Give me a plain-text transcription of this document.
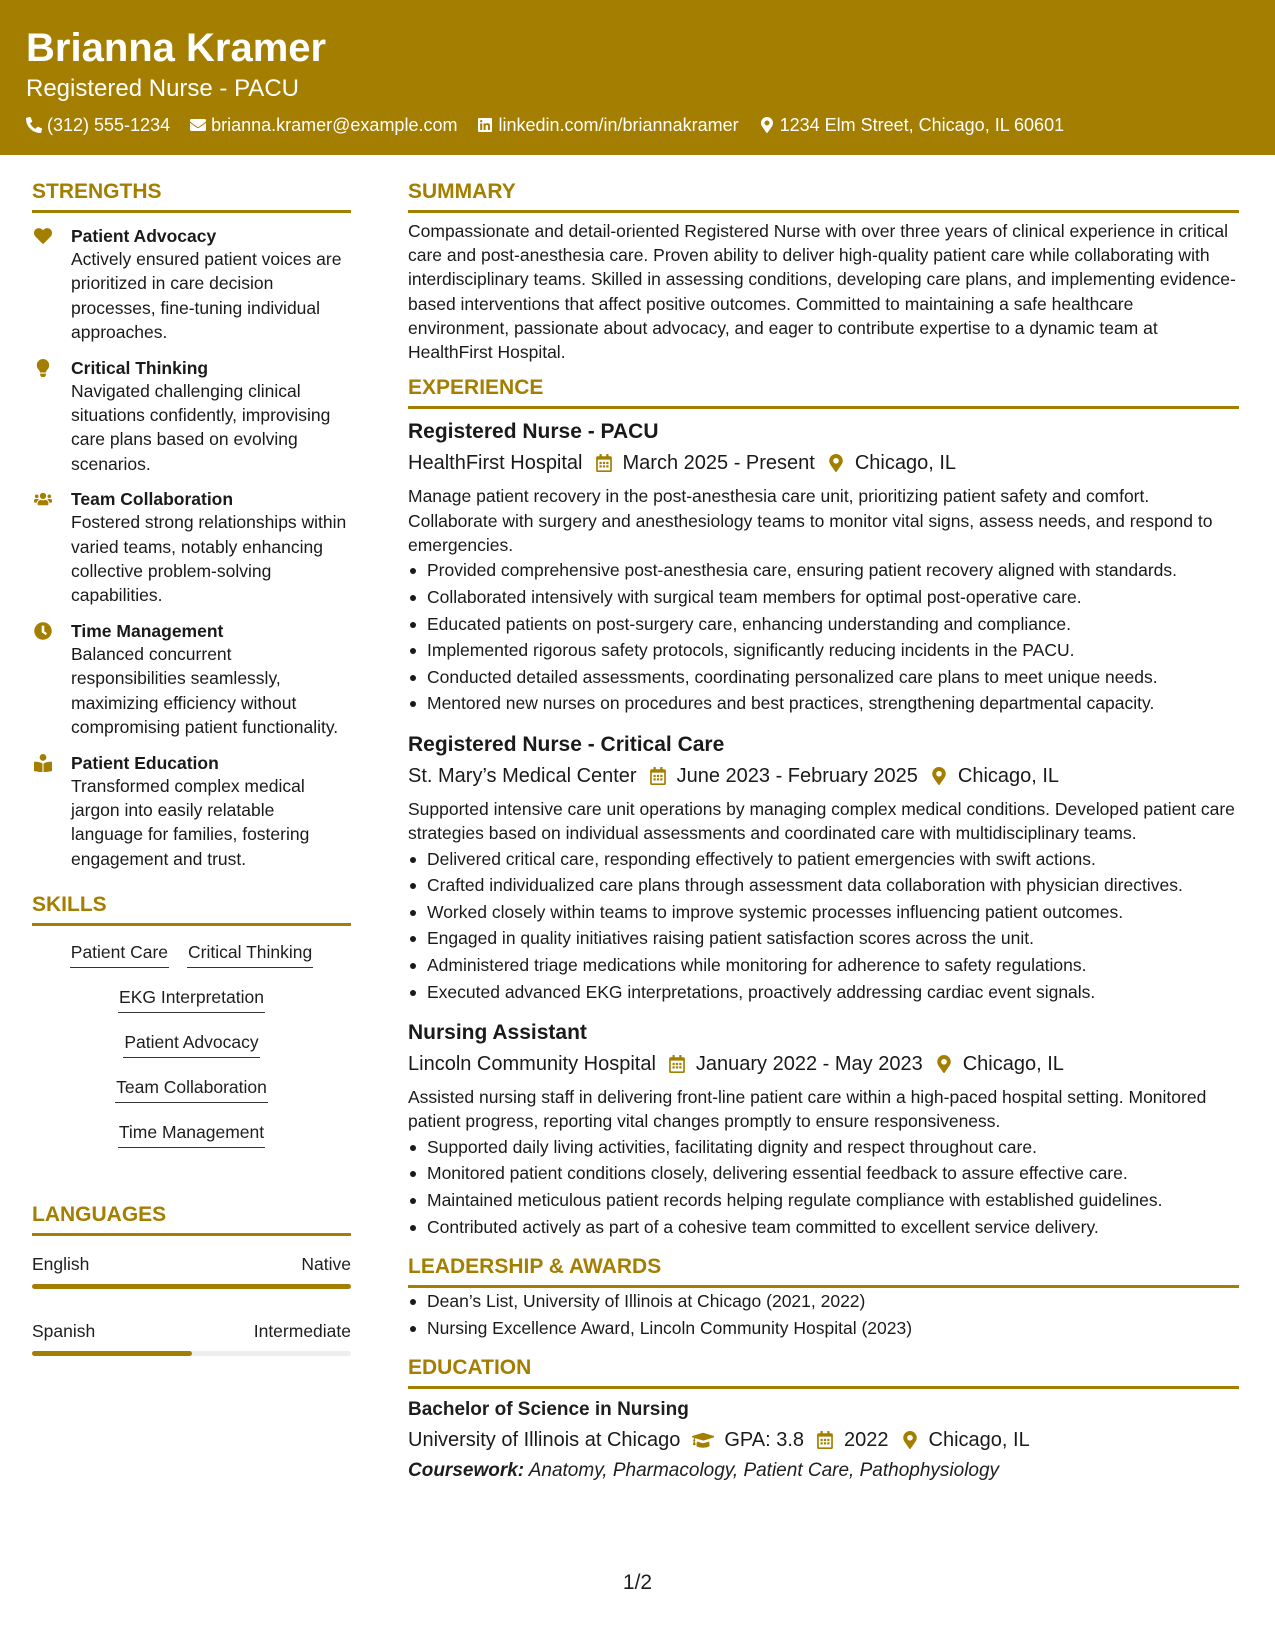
Brianna Kramer
Registered Nurse - PACU
(312) 555-1234 brianna.kramer@example.com linkedin.com/in/briannakramer 1234 Elm Street, Chicago, IL 60601
STRENGTHS
Patient Advocacy
Actively ensured patient voices are prioritized in care decision processes, fine-tuning individual approaches.
Critical Thinking
Navigated challenging clinical situations confidently, improvising care plans based on evolving scenarios.
Team Collaboration
Fostered strong relationships within varied teams, notably enhancing collective problem-solving capabilities.
Time Management
Balanced concurrent responsibilities seamlessly, maximizing efficiency without compromising patient functionality.
Patient Education
Transformed complex medical jargon into easily relatable language for families, fostering engagement and trust.
SKILLS
Patient Care Critical Thinking
EKG Interpretation
Patient Advocacy
Team Collaboration
Time Management
LANGUAGES
English	Native
Spanish	Intermediate
SUMMARY
Compassionate and detail-oriented Registered Nurse with over three years of clinical experience in critical care and post-anesthesia care. Proven ability to deliver high-quality patient care while collaborating with interdisciplinary teams. Skilled in assessing conditions, developing care plans, and implementing evidence-based interventions that affect positive outcomes. Committed to maintaining a safe healthcare environment, passionate about advocacy, and eager to contribute expertise to a dynamic team at HealthFirst Hospital.
EXPERIENCE
Registered Nurse - PACU
HealthFirst Hospital March 2025 - Present Chicago, IL
Manage patient recovery in the post-anesthesia care unit, prioritizing patient safety and comfort. Collaborate with surgery and anesthesiology teams to monitor vital signs, assess needs, and respond to emergencies.
Provided comprehensive post-anesthesia care, ensuring patient recovery aligned with standards.
Collaborated intensively with surgical team members for optimal post-operative care.
Educated patients on post-surgery care, enhancing understanding and compliance.
Implemented rigorous safety protocols, significantly reducing incidents in the PACU.
Conducted detailed assessments, coordinating personalized care plans to meet unique needs.
Mentored new nurses on procedures and best practices, strengthening departmental capacity.
Registered Nurse - Critical Care
St. Mary’s Medical Center June 2023 - February 2025 Chicago, IL
Supported intensive care unit operations by managing complex medical conditions. Developed patient care strategies based on individual assessments and coordinated care with multidisciplinary teams.
Delivered critical care, responding effectively to patient emergencies with swift actions.
Crafted individualized care plans through assessment data collaboration with physician directives.
Worked closely within teams to improve systemic processes influencing patient outcomes.
Engaged in quality initiatives raising patient satisfaction scores across the unit.
Administered triage medications while monitoring for adherence to safety regulations.
Executed advanced EKG interpretations, proactively addressing cardiac event signals.
Nursing Assistant
Lincoln Community Hospital January 2022 - May 2023 Chicago, IL
Assisted nursing staff in delivering front-line patient care within a high-paced hospital setting. Monitored patient progress, reporting vital changes promptly to ensure responsiveness.
Supported daily living activities, facilitating dignity and respect throughout care.
Monitored patient conditions closely, delivering essential feedback to assure effective care.
Maintained meticulous patient records helping regulate compliance with established guidelines.
Contributed actively as part of a cohesive team committed to excellent service delivery.
LEADERSHIP & AWARDS
Dean’s List, University of Illinois at Chicago (2021, 2022)
Nursing Excellence Award, Lincoln Community Hospital (2023)
EDUCATION
Bachelor of Science in Nursing
University of Illinois at Chicago GPA: 3.8 2022 Chicago, IL
Coursework: Anatomy, Pharmacology, Patient Care, Pathophysiology
1/2
